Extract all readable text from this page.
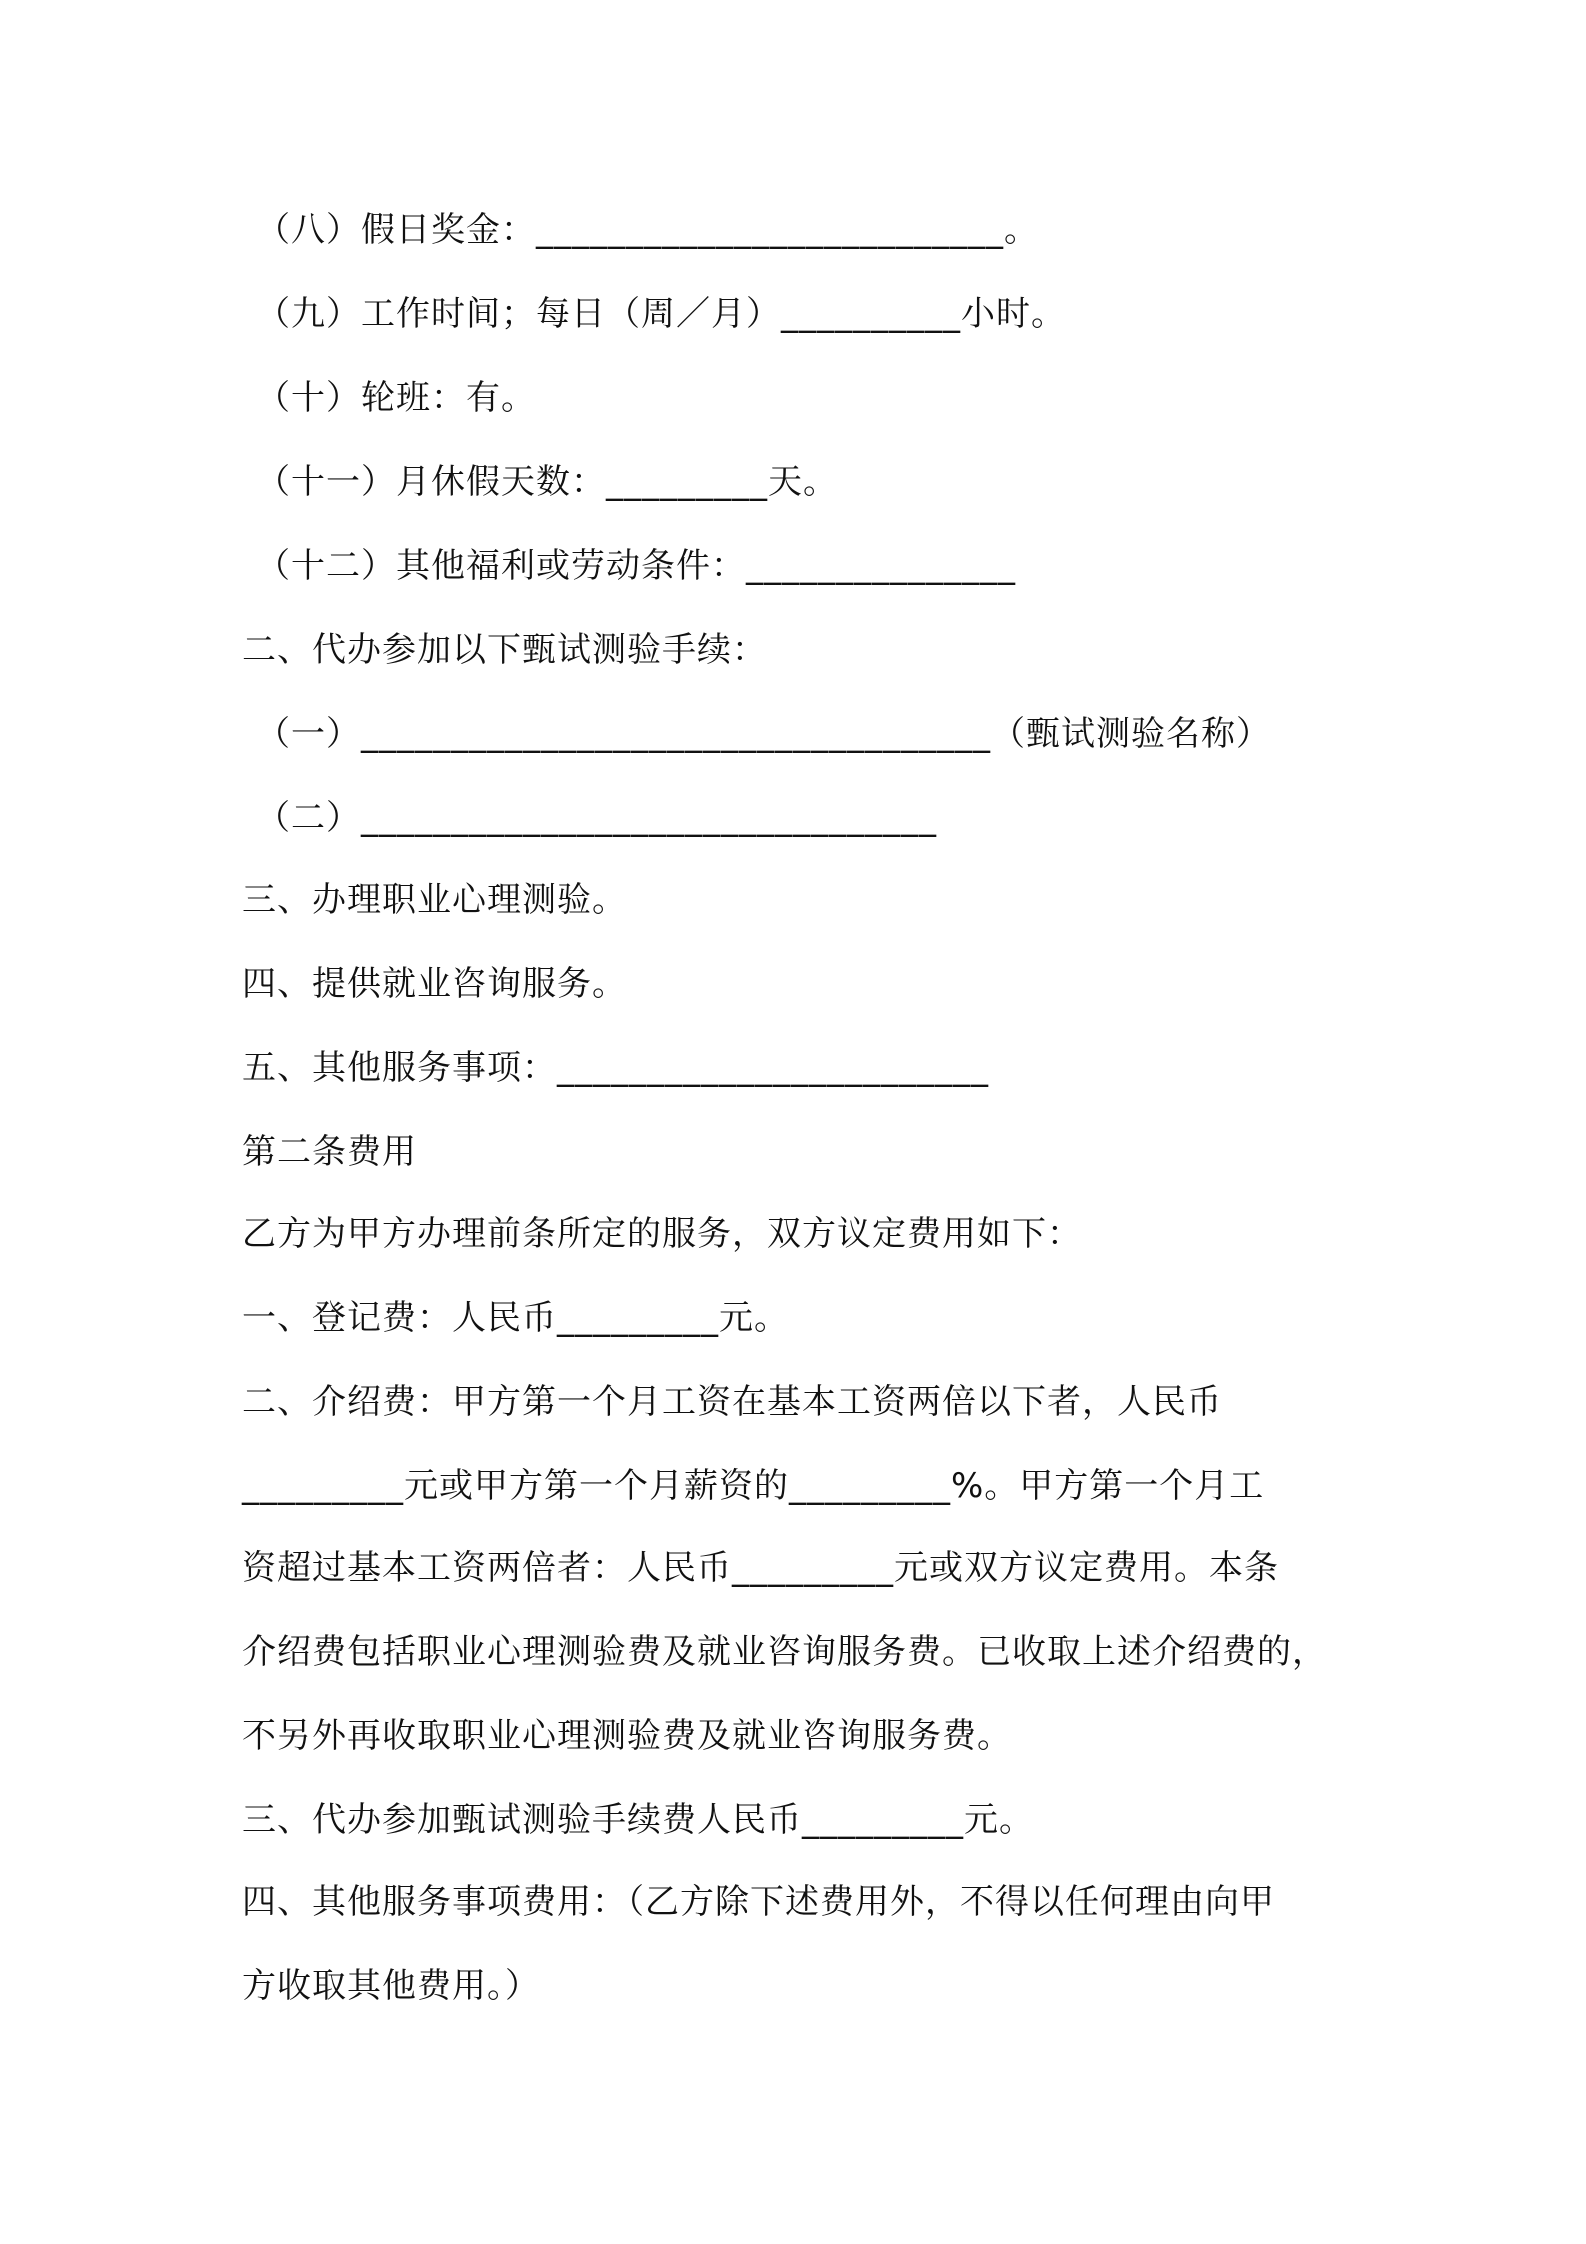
（八）假日奖金：__________________________。
（九）工作时间；每日（周／月）__________小时。
（十）轮班：有。
（十一）月休假天数：_________天。
（十二）其他福利或劳动条件：_______________
二、代办参加以下甄试测验手续：
（一）___________________________________（甄试测验名称）
（二）________________________________
三、办理职业心理测验。
四、提供就业咨询服务。
五、其他服务事项：________________________
第二条费用
乙方为甲方办理前条所定的服务，双方议定费用如下：
一、登记费：人民币_________元。
二、介绍费：甲方第一个月工资在基本工资两倍以下者，人民币
_________元或甲方第一个月薪资的_________%。甲方第一个月工
资超过基本工资两倍者：人民币_________元或双方议定费用。本条
介绍费包括职业心理测验费及就业咨询服务费。已收取上述介绍费的，
不另外再收取职业心理测验费及就业咨询服务费。
三、代办参加甄试测验手续费人民币_________元。
四、其他服务事项费用：（乙方除下述费用外，不得以任何理由向甲
方收取其他费用。）
